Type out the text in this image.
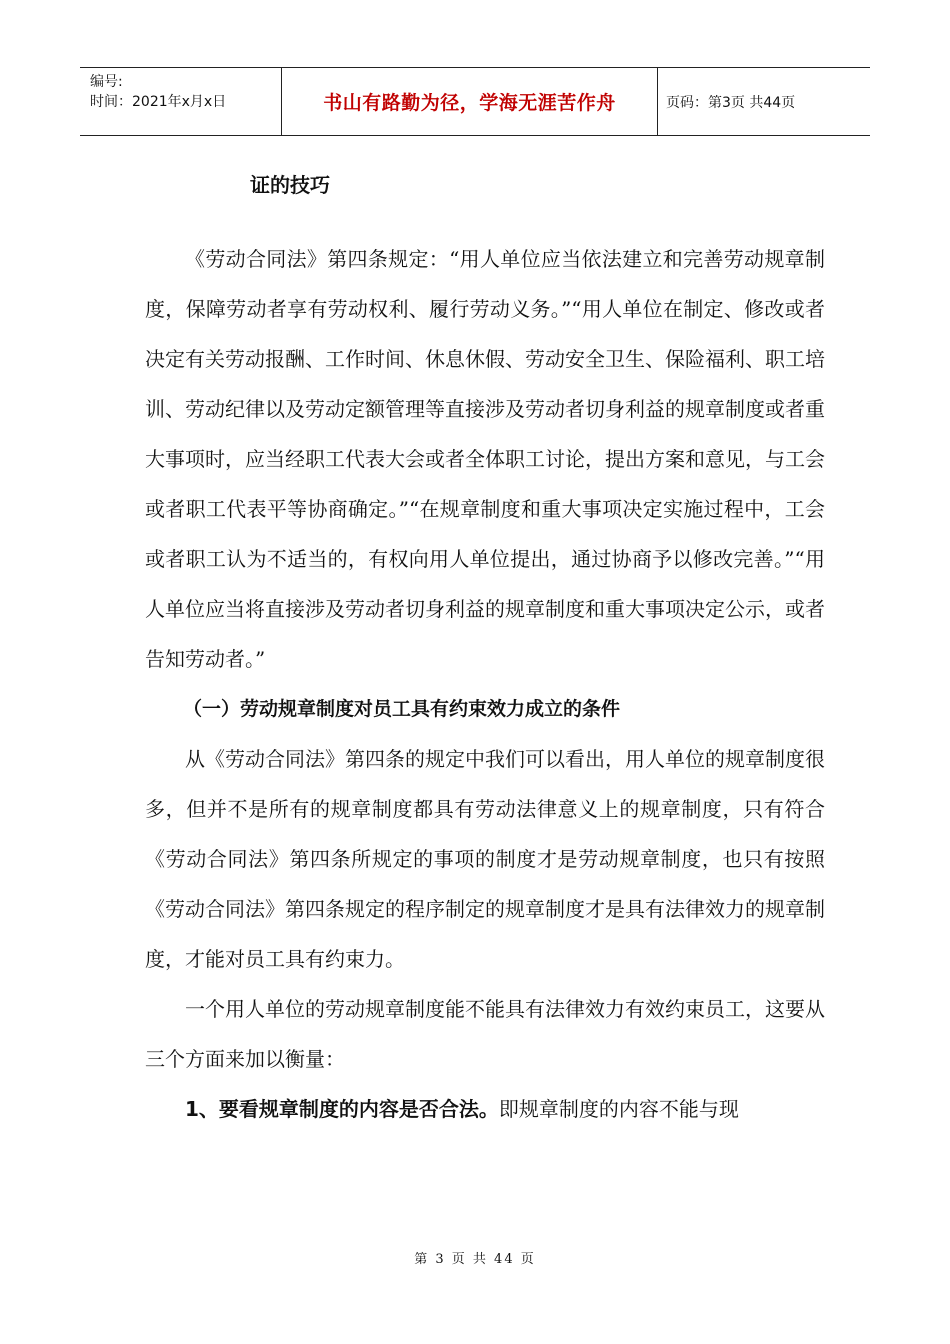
编号:
时间：2021年x月x日	书山有路勤为径，学海无涯苦作舟	页码：第3页 共44页
证的技巧

《劳动合同法》第四条规定：“用人单位应当依法建立和完善劳动规章制度，保障劳动者享有劳动权利、履行劳动义务。”“用人单位在制定、修改或者决定有关劳动报酬、工作时间、休息休假、劳动安全卫生、保险福利、职工培训、劳动纪律以及劳动定额管理等直接涉及劳动者切身利益的规章制度或者重大事项时，应当经职工代表大会或者全体职工讨论，提出方案和意见，与工会或者职工代表平等协商确定。”“在规章制度和重大事项决定实施过程中，工会或者职工认为不适当的，有权向用人单位提出，通过协商予以修改完善。”“用人单位应当将直接涉及劳动者切身利益的规章制度和重大事项决定公示，或者告知劳动者。”

（一）劳动规章制度对员工具有约束效力成立的条件

从《劳动合同法》第四条的规定中我们可以看出，用人单位的规章制度很多，但并不是所有的规章制度都具有劳动法律意义上的规章制度，只有符合《劳动合同法》第四条所规定的事项的制度才是劳动规章制度，也只有按照《劳动合同法》第四条规定的程序制定的规章制度才是具有法律效力的规章制度，才能对员工具有约束力。

一个用人单位的劳动规章制度能不能具有法律效力有效约束员工，这要从三个方面来加以衡量：

1、要看规章制度的内容是否合法。即规章制度的内容不能与现

第 3 页 共 44 页
